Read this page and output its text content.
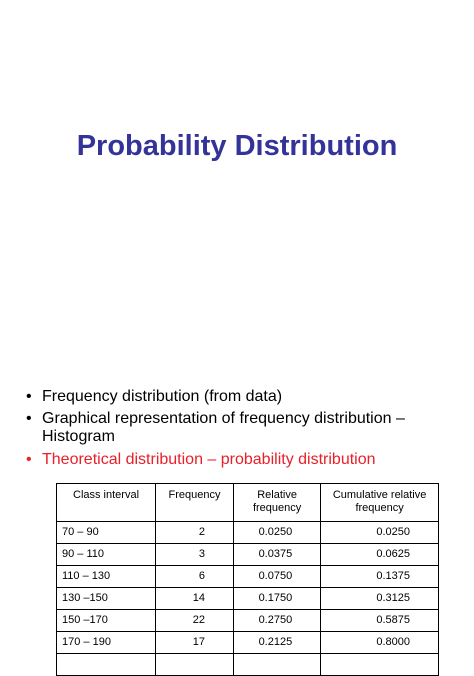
Probability Distribution
• Frequency distribution (from data)
• Graphical representation of frequency distribution – Histogram
• Theoretical distribution – probability distribution
Class interval	Frequency	Relative frequency	Cumulative relative frequency
70 – 90	2	0.0250	0.0250
90 – 110	3	0.0375	0.0625
110 – 130	6	0.0750	0.1375
130 –150	14	0.1750	0.3125
150 –170	22	0.2750	0.5875
170 – 190	17	0.2125	0.8000
